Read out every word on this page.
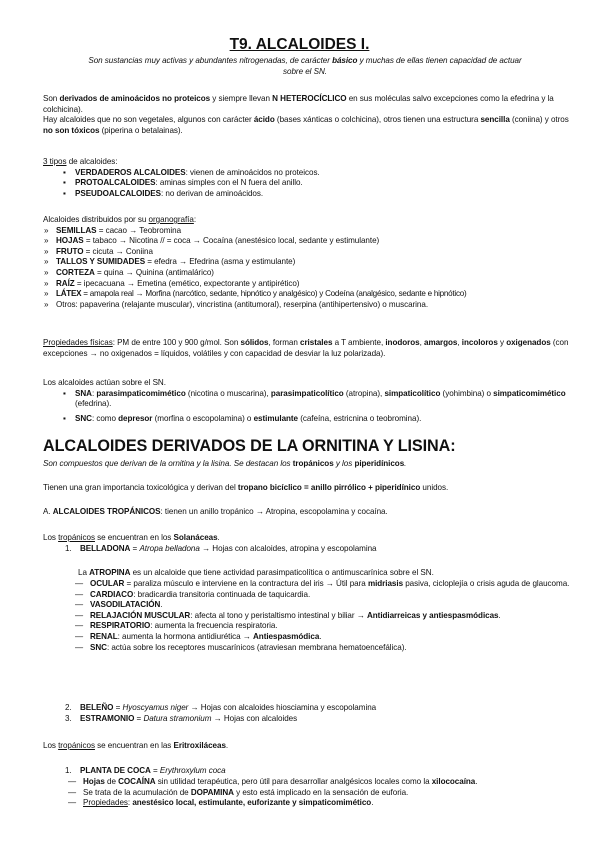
T9. ALCALOIDES I.

Son sustancias muy activas y abundantes nitrogenadas, de carácter básico y muchas de ellas tienen capacidad de actuar sobre el SN.

Son derivados de aminoácidos no proteicos y siempre llevan N HETEROCÍCLICO en sus moléculas salvo excepciones como la efedrina y la colchicina).

Hay alcaloides que no son vegetales, algunos con carácter ácido (bases xánticas o colchicina), otros tienen una estructura sencilla (coniina) y otros no son tóxicos (piperina o betalainas).

3 tipos de alcaloides:

▪ VERDADEROS ALCALOIDES: vienen de aminoácidos no proteicos.
▪ PROTOALCALOIDES: aminas simples con el N fuera del anillo.
▪ PSEUDOALCALOIDES: no derivan de aminoácidos.

Alcaloides distribuidos por su organografía:

» SEMILLAS = cacao → Teobromina
» HOJAS = tabaco → Nicotina // = coca → Cocaína (anestésico local, sedante y estimulante)
» FRUTO = cicuta → Coniina
» TALLOS Y SUMIDADES = efedra → Efedrina (asma y estimulante)
» CORTEZA = quina → Quinina (antimalárico)
» RAÍZ = ipecacuana → Emetina (emético, expectorante y antipirético)
» LÁTEX = amapola real → Morfina (narcótico, sedante, hipnótico y analgésico) y Codeína (analgésico, sedante e hipnótico)
» Otros: papaverina (relajante muscular), vincristina (antitumoral), reserpina (antihipertensivo) o muscarina.

Propiedades físicas: PM de entre 100 y 900 g/mol. Son sólidos, forman cristales a T ambiente, inodoros, amargos, incoloros y oxigenados (con excepciones → no oxigenados = líquidos, volátiles y con capacidad de desviar la luz polarizada).

Los alcaloides actúan sobre el SN.

▪ SNA: parasimpaticomimético (nicotina o muscarina), parasimpaticolítico (atropina), simpaticolítico (yohimbina) o simpaticomimético (efedrina).
▪ SNC: como depresor (morfina o escopolamina) o estimulante (cafeína, estricnina o teobromina).
ALCALOIDES DERIVADOS DE LA ORNITINA Y LISINA:

Son compuestos que derivan de la ornitina y la lisina. Se destacan los tropánicos y los piperidínicos.

Tienen una gran importancia toxicológica y derivan del tropano bicíclico = anillo pirrólico + piperidínico unidos.

A. ALCALOIDES TROPÁNICOS: tienen un anillo tropánico → Atropina, escopolamina y cocaína.

Los tropánicos se encuentran en los Solanáceas.

1. BELLADONA = Atropa belladona → Hojas con alcaloides, atropina y escopolamina

La ATROPINA es un alcaloide que tiene actividad parasimpaticolítica o antimuscarínica sobre el SN.

— OCULAR = paraliza músculo e interviene en la contractura del iris → Útil para midriasis pasiva, cicloplejía o crisis aguda de glaucoma.
— CARDIACO: bradicardia transitoria continuada de taquicardia.
— VASODILATACIÓN.
— RELAJACIÓN MUSCULAR: afecta al tono y peristaltismo intestinal y biliar → Antidiarreicas y antiespasmódicas.
— RESPIRATORIO: aumenta la frecuencia respiratoria.
— RENAL: aumenta la hormona antidiurética → Antiespasmódica.
— SNC: actúa sobre los receptores muscarínicos (atraviesan membrana hematoencefálica).
2. BELEÑO = Hyoscyamus niger → Hojas con alcaloides hiosciamina y escopolamina
3. ESTRAMONIO = Datura stramonium → Hojas con alcaloides

Los tropánicos se encuentran en las Eritroxiláceas.

1. PLANTA DE COCA = Erythroxylum coca
— Hojas de COCAÍNA sin utilidad terapéutica, pero útil para desarrollar analgésicos locales como la xilococaína.
— Se trata de la acumulación de DOPAMINA y esto está implicado en la sensación de euforia.
— Propiedades: anestésico local, estimulante, euforizante y simpaticomimético.
